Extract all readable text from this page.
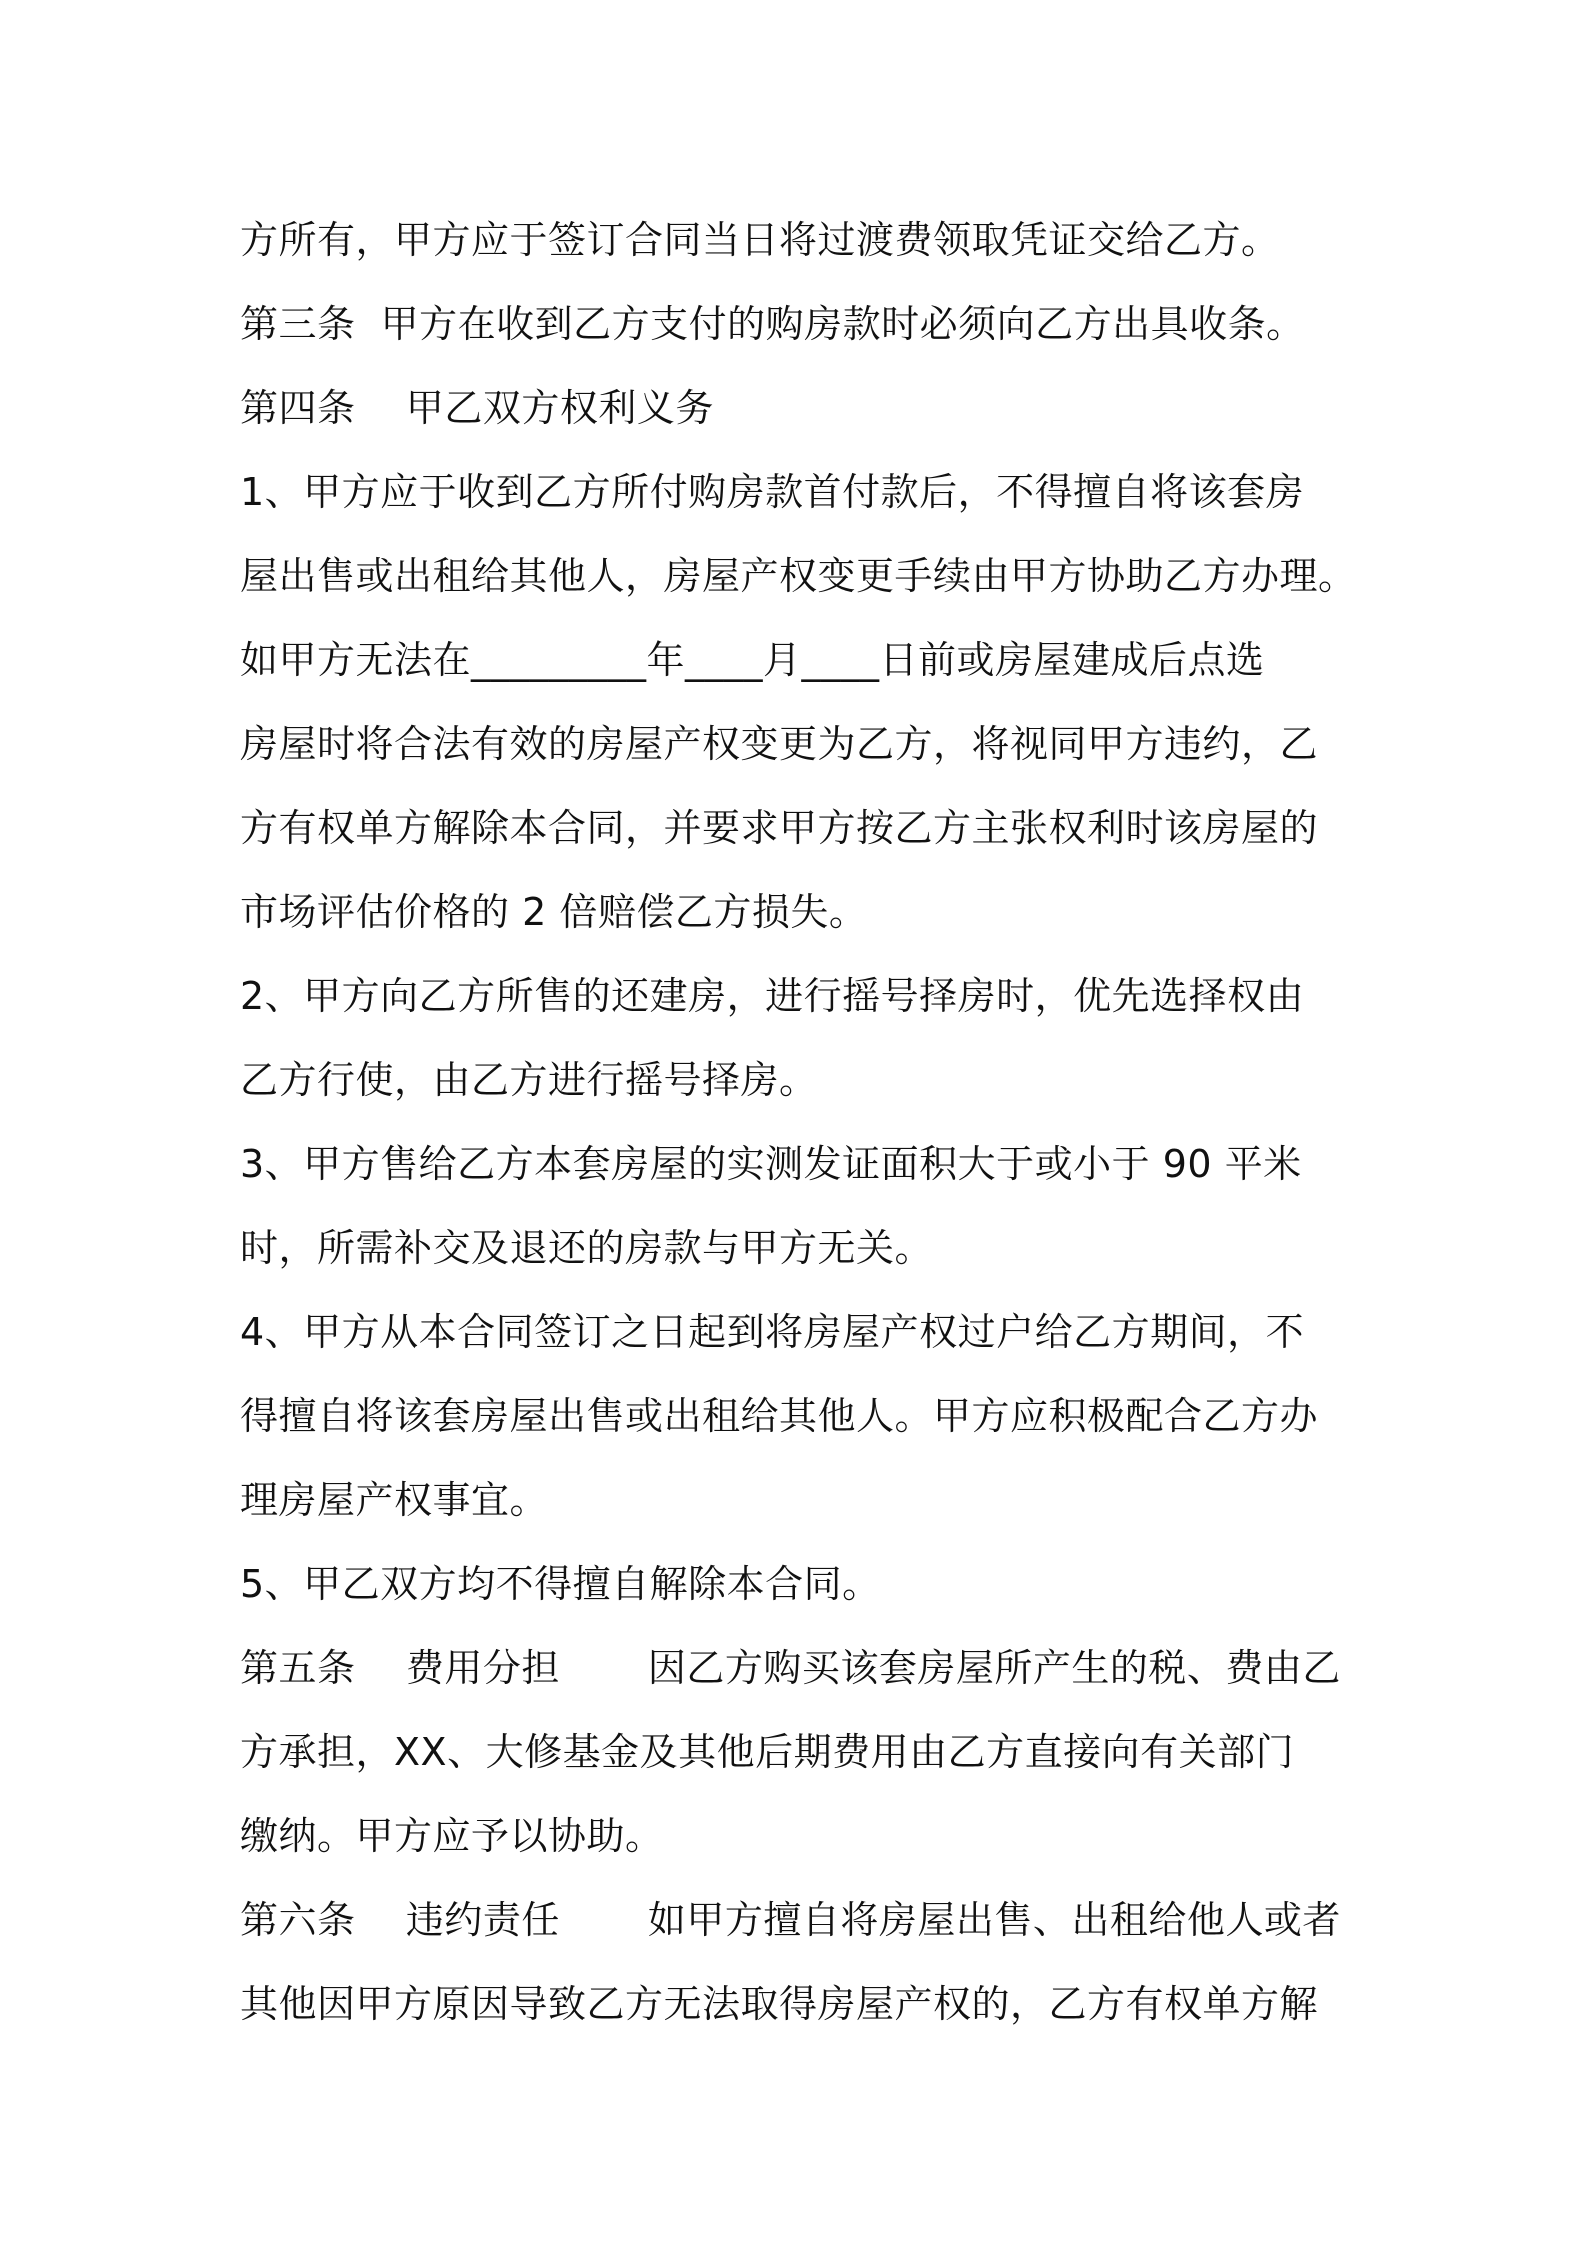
方所有，甲方应于签订合同当日将过渡费领取凭证交给乙方。
第三条  甲方在收到乙方支付的购房款时必须向乙方出具收条。
第四条    甲乙双方权利义务
1、甲方应于收到乙方所付购房款首付款后，不得擅自将该套房
屋出售或出租给其他人，房屋产权变更手续由甲方协助乙方办理。
如甲方无法在_________年____月____日前或房屋建成后点选
房屋时将合法有效的房屋产权变更为乙方，将视同甲方违约，乙
方有权单方解除本合同，并要求甲方按乙方主张权利时该房屋的
市场评估价格的 2 倍赔偿乙方损失。
2、甲方向乙方所售的还建房，进行摇号择房时，优先选择权由
乙方行使，由乙方进行摇号择房。
3、甲方售给乙方本套房屋的实测发证面积大于或小于 90 平米
时，所需补交及退还的房款与甲方无关。
4、甲方从本合同签订之日起到将房屋产权过户给乙方期间，不
得擅自将该套房屋出售或出租给其他人。甲方应积极配合乙方办
理房屋产权事宜。
5、甲乙双方均不得擅自解除本合同。
第五条    费用分担       因乙方购买该套房屋所产生的税、费由乙
方承担，XX、大修基金及其他后期费用由乙方直接向有关部门
缴纳。甲方应予以协助。
第六条    违约责任       如甲方擅自将房屋出售、出租给他人或者
其他因甲方原因导致乙方无法取得房屋产权的，乙方有权单方解
